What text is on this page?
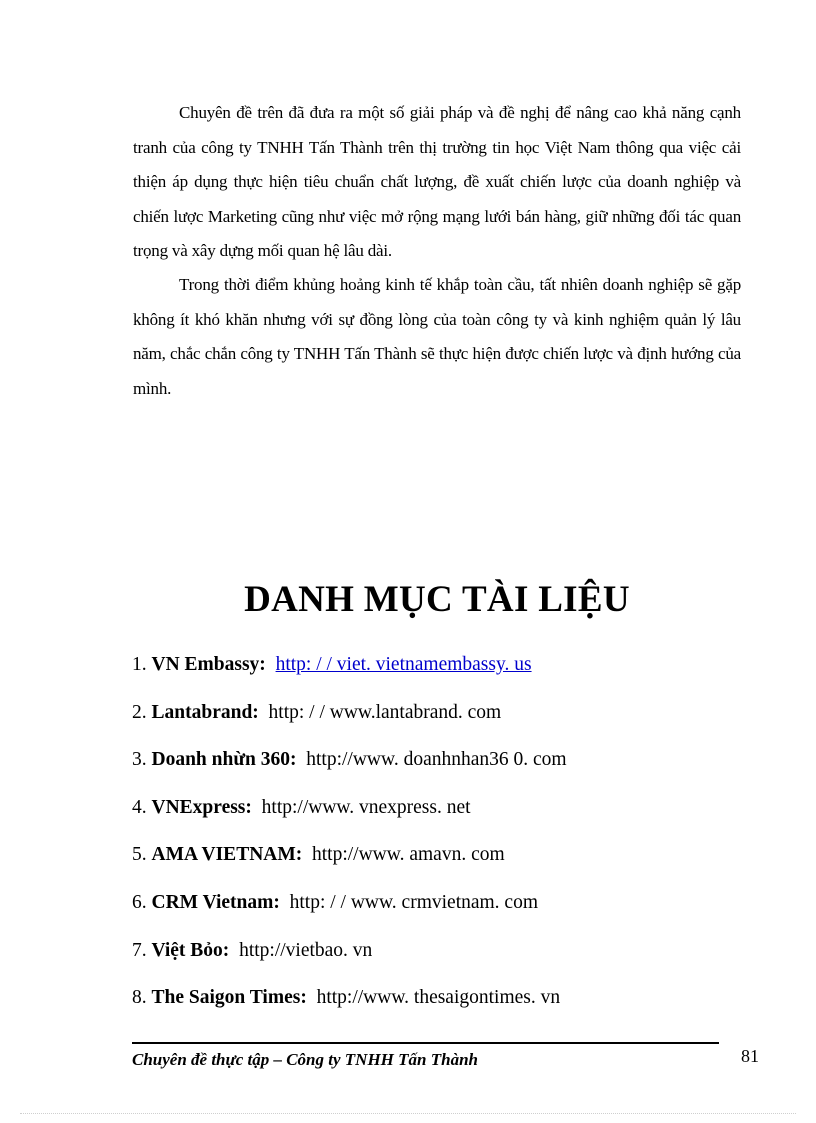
Chuyên đề trên đã đưa ra một số giải pháp và đề nghị để nâng cao khả năng cạnh tranh của công ty TNHH Tấn Thành trên thị trường tin học Việt Nam thông qua việc cải thiện áp dụng thực hiện tiêu chuẩn chất lượng, đề xuất chiến lược của doanh nghiệp và chiến lược Marketing cũng như việc mở rộng mạng lưới bán hàng, giữ những đối tác quan trọng và xây dựng mối quan hệ lâu dài.

Trong thời điểm khủng hoảng kinh tế khắp toàn cầu, tất nhiên doanh nghiệp sẽ gặp không ít khó khăn nhưng với sự đồng lòng của toàn công ty và kinh nghiệm quản lý lâu năm, chắc chắn công ty TNHH Tấn Thành sẽ thực hiện được chiến lược và định hướng của mình.

DANH MỤC TÀI LIỆU
1. VN Embassy: http: / / viet. vietnamembassy. us
2. Lantabrand: http: / / www.lantabrand. com
3. Doanh nhừn 360: http://www. doanhnhan36 0. com
4. VNExpress: http://www. vnexpress. net
5. AMA VIETNAM: http://www. amavn. com
6. CRM Vietnam: http: / / www. crmvietnam. com
7. Việt Bỏo: http://vietbao. vn
8. The Saigon Times: http://www. thesaigontimes. vn
Chuyên đề thực tập – Công ty TNHH Tấn Thành	81
